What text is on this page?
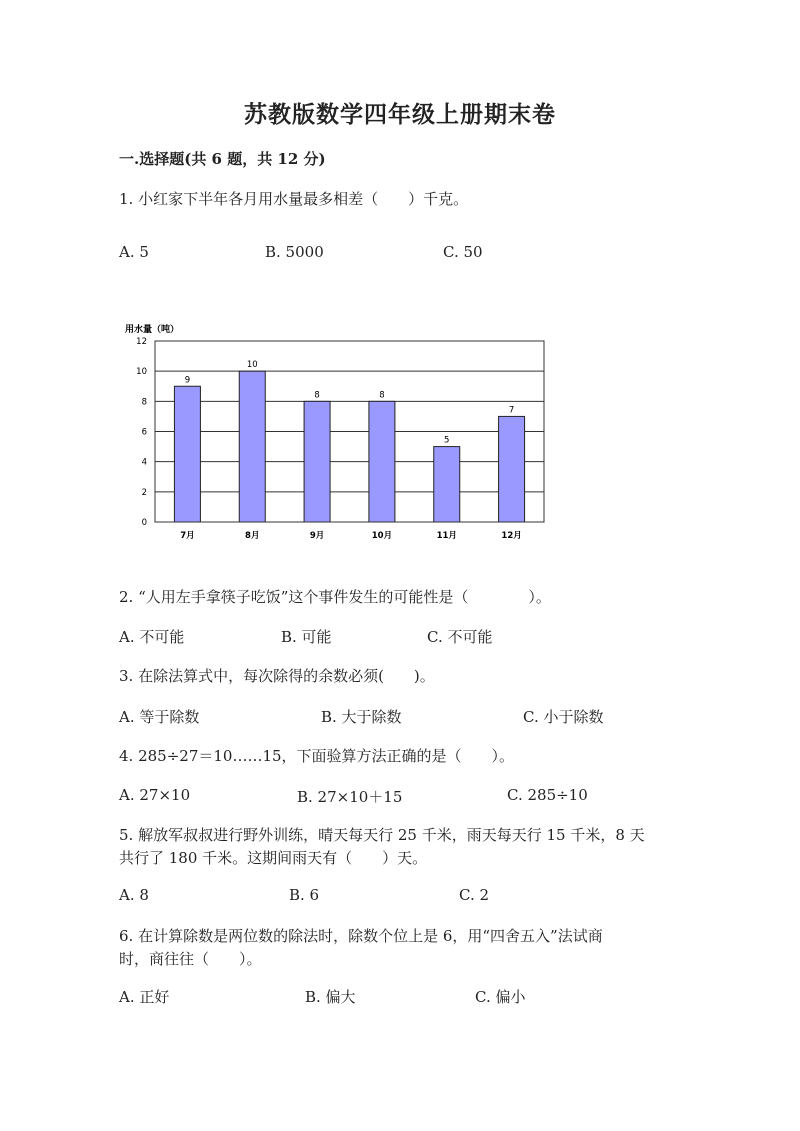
苏教版数学四年级上册期末卷
一.选择题(共 6 题，共 12 分)
1. 小红家下半年各月用水量最多相差（　　）千克。
A. 5	B. 5000	C. 50
用水量（吨）
0
2
4
6
8
10
12
9
7月
10
8月
8
9月
8
10月
5
11月
7
12月
2. “人用左手拿筷子吃饭”这个事件发生的可能性是（　　　　）。
A. 不可能	B. 可能	C. 不可能
3. 在除法算式中，每次除得的余数必须(　　)。
A. 等于除数	B. 大于除数	C. 小于除数
4. 285÷27＝10……15，下面验算方法正确的是（　　）。
A. 27×10	B. 27×10＋15	C. 285÷10
5. 解放军叔叔进行野外训练，晴天每天行 25 千米，雨天每天行 15 千米，8 天
共行了 180 千米。这期间雨天有（　　）天。
A. 8	B. 6	C. 2
6. 在计算除数是两位数的除法时，除数个位上是 6，用“四舍五入”法试商
时，商往往（　　）。
A. 正好	B. 偏大	C. 偏小
